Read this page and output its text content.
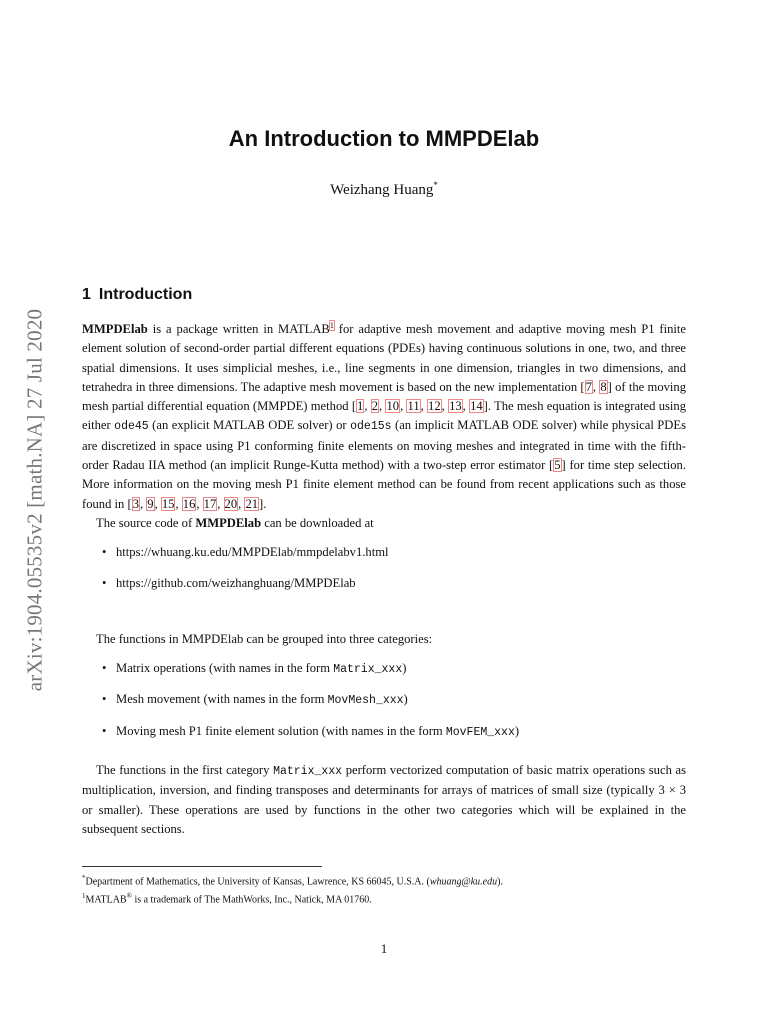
arXiv:1904.05535v2 [math.NA] 27 Jul 2020
An Introduction to MMPDElab
Weizhang Huang*
1 Introduction

MMPDElab is a package written in MATLAB$^1$ for adaptive mesh movement and adaptive moving mesh P1 finite element solution of second-order partial different equations (PDEs) having continuous solutions in one, two, and three spatial dimensions. It uses simplicial meshes, i.e., line segments in one dimension, triangles in two dimensions, and tetrahedra in three dimensions. The adaptive mesh movement is based on the new implementation [7, 8] of the moving mesh partial differential equation (MMPDE) method [1, 2, 10, 11, 12, 13, 14]. The mesh equation is integrated using either ode45 (an explicit MATLAB ODE solver) or ode15s (an implicit MATLAB ODE solver) while physical PDEs are discretized in space using P1 conforming finite elements on moving meshes and integrated in time with the fifth-order Radau IIA method (an implicit Runge-Kutta method) with a two-step error estimator [5] for time step selection. More information on the moving mesh P1 finite element method can be found from recent applications such as those found in [3, 9, 15, 16, 17, 20, 21].

The source code of MMPDElab can be downloaded at

• https://whuang.ku.edu/MMPDElab/mmpdelabv1.html
• https://github.com/weizhanghuang/MMPDElab

The functions in MMPDElab can be grouped into three categories:

• Matrix operations (with names in the form Matrix_xxx)
• Mesh movement (with names in the form MovMesh_xxx)
• Moving mesh P1 finite element solution (with names in the form MovFEM_xxx)

The functions in the first category Matrix_xxx perform vectorized computation of basic matrix operations such as multiplication, inversion, and finding transposes and determinants for arrays of matrices of small size (typically 3 × 3 or smaller). These operations are used by functions in the other two categories which will be explained in the subsequent sections.

*Department of Mathematics, the University of Kansas, Lawrence, KS 66045, U.S.A. (whuang@ku.edu).

$^1$MATLAB® is a trademark of The MathWorks, Inc., Natick, MA 01760.

1
